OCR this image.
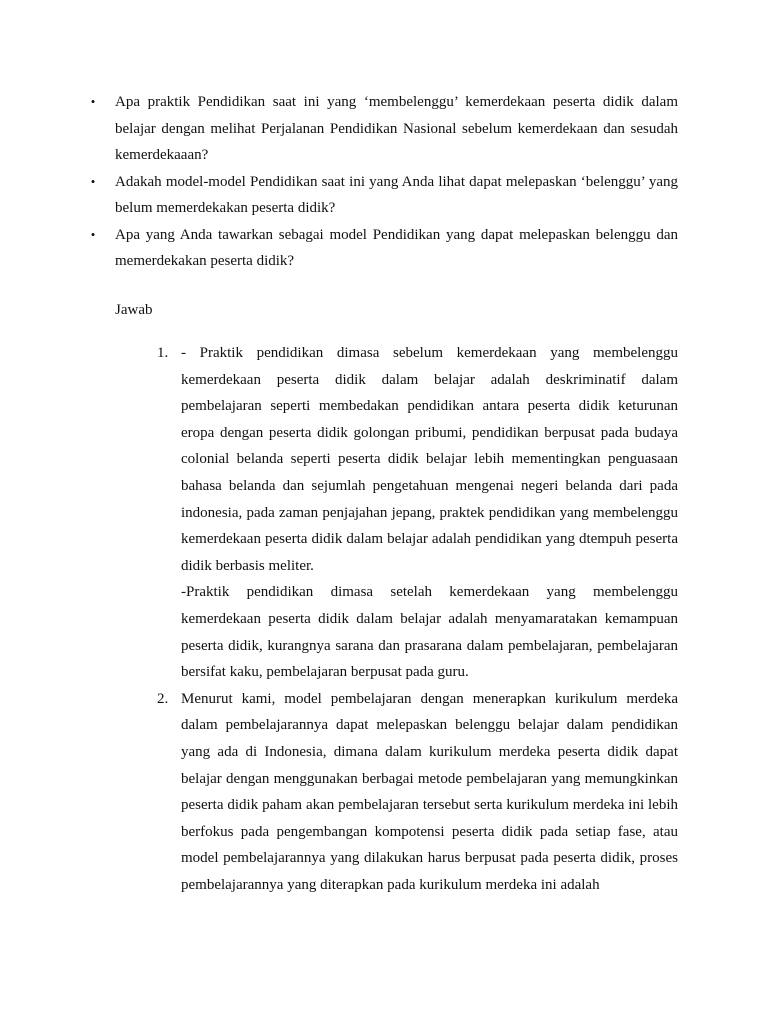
• Apa praktik Pendidikan saat ini yang ‘membelenggu’ kemerdekaan peserta didik dalam belajar dengan melihat Perjalanan Pendidikan Nasional sebelum kemerdekaan dan sesudah kemerdekaaan?
• Adakah model-model Pendidikan saat ini yang Anda lihat dapat melepaskan ‘belenggu’ yang belum memerdekakan peserta didik?
• Apa yang Anda tawarkan sebagai model Pendidikan yang dapat melepaskan belenggu dan memerdekakan peserta didik?
Jawab
1. - Praktik pendidikan dimasa sebelum kemerdekaan yang membelenggu kemerdekaan peserta didik dalam belajar adalah deskriminatif dalam pembelajaran seperti membedakan pendidikan antara peserta didik keturunan eropa dengan peserta didik golongan pribumi, pendidikan berpusat pada budaya colonial belanda seperti peserta didik belajar lebih mementingkan penguasaan bahasa belanda dan sejumlah pengetahuan mengenai negeri belanda dari pada indonesia, pada zaman penjajahan jepang, praktek pendidikan yang membelenggu kemerdekaan peserta didik dalam belajar adalah pendidikan yang dtempuh peserta didik berbasis meliter.

-Praktik pendidikan dimasa setelah kemerdekaan yang membelenggu kemerdekaan peserta didik dalam belajar adalah menyamaratakan kemampuan peserta didik, kurangnya sarana dan prasarana dalam pembelajaran, pembelajaran bersifat kaku, pembelajaran berpusat pada guru.

2. Menurut kami, model pembelajaran dengan menerapkan kurikulum merdeka dalam pembelajarannya dapat melepaskan belenggu belajar dalam pendidikan yang ada di Indonesia, dimana dalam kurikulum merdeka peserta didik dapat belajar dengan menggunakan berbagai metode pembelajaran yang memungkinkan peserta didik paham akan pembelajaran tersebut serta kurikulum merdeka ini lebih berfokus pada pengembangan kompotensi peserta didik pada setiap fase, atau model pembelajarannya yang dilakukan harus berpusat pada peserta didik, proses pembelajarannya yang diterapkan pada kurikulum merdeka ini adalah
